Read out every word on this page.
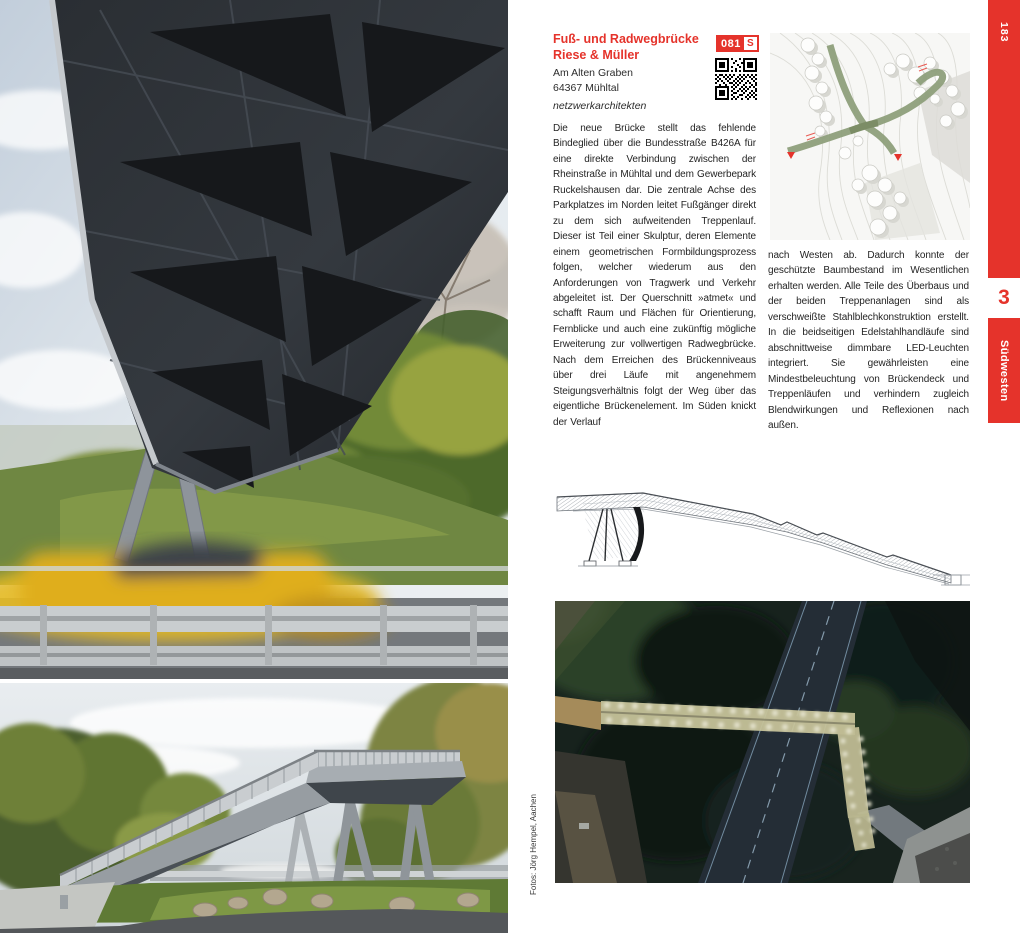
Fotos: Jörg Hempel, Aachen
Fuß- und Radwegbrücke
Riese & Müller
Am Alten Graben
64367 Mühltal
netzwerkarchitekten
081 S
Die neue Brücke stellt das fehlende Bindeglied über die Bundesstraße B426A für eine direkte Verbindung zwischen der Rheinstraße in Mühltal und dem Gewerbepark Ruckelshausen dar. Die zentrale Achse des Parkplatzes im Norden leitet Fußgänger direkt zu dem sich aufweitenden Treppenlauf. Dieser ist Teil einer Skulptur, deren Elemente einem geometrischen Formbildungsprozess folgen, welcher wiederum aus den Anforderungen von Tragwerk und Verkehr abgeleitet ist. Der Querschnitt »atmet« und schafft Raum und Flächen für Orientierung, Fernblicke und auch eine zukünftig mögliche Erweiterung zur vollwertigen Radwegbrücke. Nach dem Erreichen des Brückenniveaus über drei Läufe mit angenehmem Steigungsverhältnis folgt der Weg über das eigentliche Brückenelement. Im Süden knickt der Verlauf
nach Westen ab. Dadurch konnte der geschützte Baumbestand im Wesentlichen erhalten werden. Alle Teile des Überbaus und der beiden Treppenanlagen sind als verschweißte Stahlblechkonstruktion erstellt. In die beidseitigen Edelstahlhandläufe sind abschnittweise dimmbare LED-Leuchten integriert. Sie gewährleisten eine Mindestbeleuchtung von Brückendeck und Treppenläufen und verhindern zugleich Blendwirkungen und Reflexionen nach außen.
183
3
Südwesten
